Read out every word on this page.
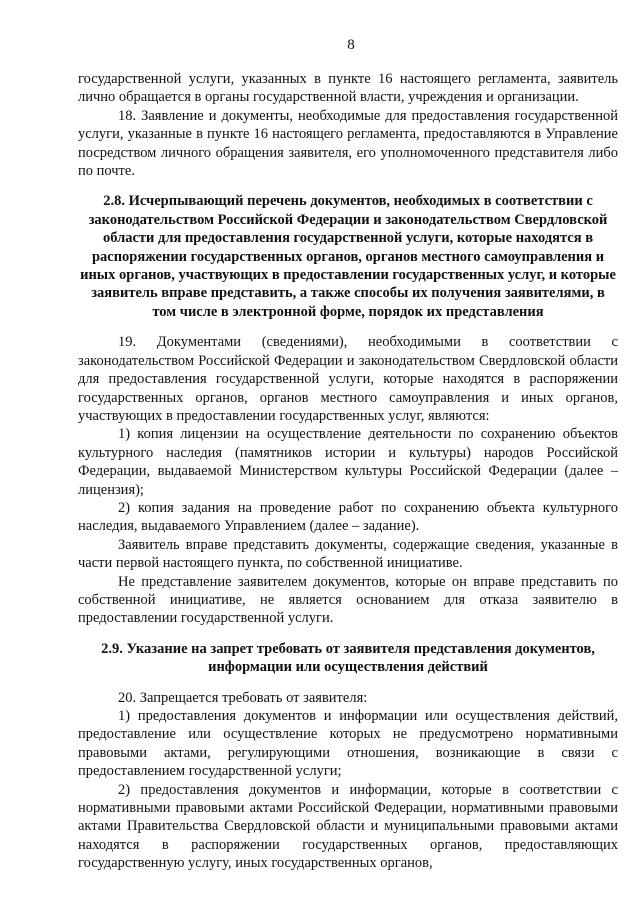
8

государственной услуги, указанных в пункте 16 настоящего регламента, заявитель лично обращается в органы государственной власти, учреждения и организации.

18. Заявление и документы, необходимые для предоставления государственной услуги, указанные в пункте 16 настоящего регламента, предоставляются в Управление посредством личного обращения заявителя, его уполномоченного представителя либо по почте.

2.8. Исчерпывающий перечень документов, необходимых в соответствии с законодательством Российской Федерации и законодательством Свердловской области для предоставления государственной услуги, которые находятся в распоряжении государственных органов, органов местного самоуправления и иных органов, участвующих в предоставлении государственных услуг, и которые заявитель вправе представить, а также способы их получения заявителями, в том числе в электронной форме, порядок их представления

19. Документами (сведениями), необходимыми в соответствии с законодательством Российской Федерации и законодательством Свердловской области для предоставления государственной услуги, которые находятся в распоряжении государственных органов, органов местного самоуправления и иных органов, участвующих в предоставлении государственных услуг, являются:

1) копия лицензии на осуществление деятельности по сохранению объектов культурного наследия (памятников истории и культуры) народов Российской Федерации, выдаваемой Министерством культуры Российской Федерации (далее – лицензия);

2) копия задания на проведение работ по сохранению объекта культурного наследия, выдаваемого Управлением (далее – задание).

Заявитель вправе представить документы, содержащие сведения, указанные в части первой настоящего пункта, по собственной инициативе.

Не представление заявителем документов, которые он вправе представить по собственной инициативе, не является основанием для отказа заявителю в предоставлении государственной услуги.

2.9. Указание на запрет требовать от заявителя представления документов, информации или осуществления действий

20. Запрещается требовать от заявителя:

1) предоставления документов и информации или осуществления действий, предоставление или осуществление которых не предусмотрено нормативными правовыми актами, регулирующими отношения, возникающие в связи с предоставлением государственной услуги;

2) предоставления документов и информации, которые в соответствии с нормативными правовыми актами Российской Федерации, нормативными правовыми актами Правительства Свердловской области и муниципальными правовыми актами находятся в распоряжении государственных органов, предоставляющих государственную услугу, иных государственных органов,
